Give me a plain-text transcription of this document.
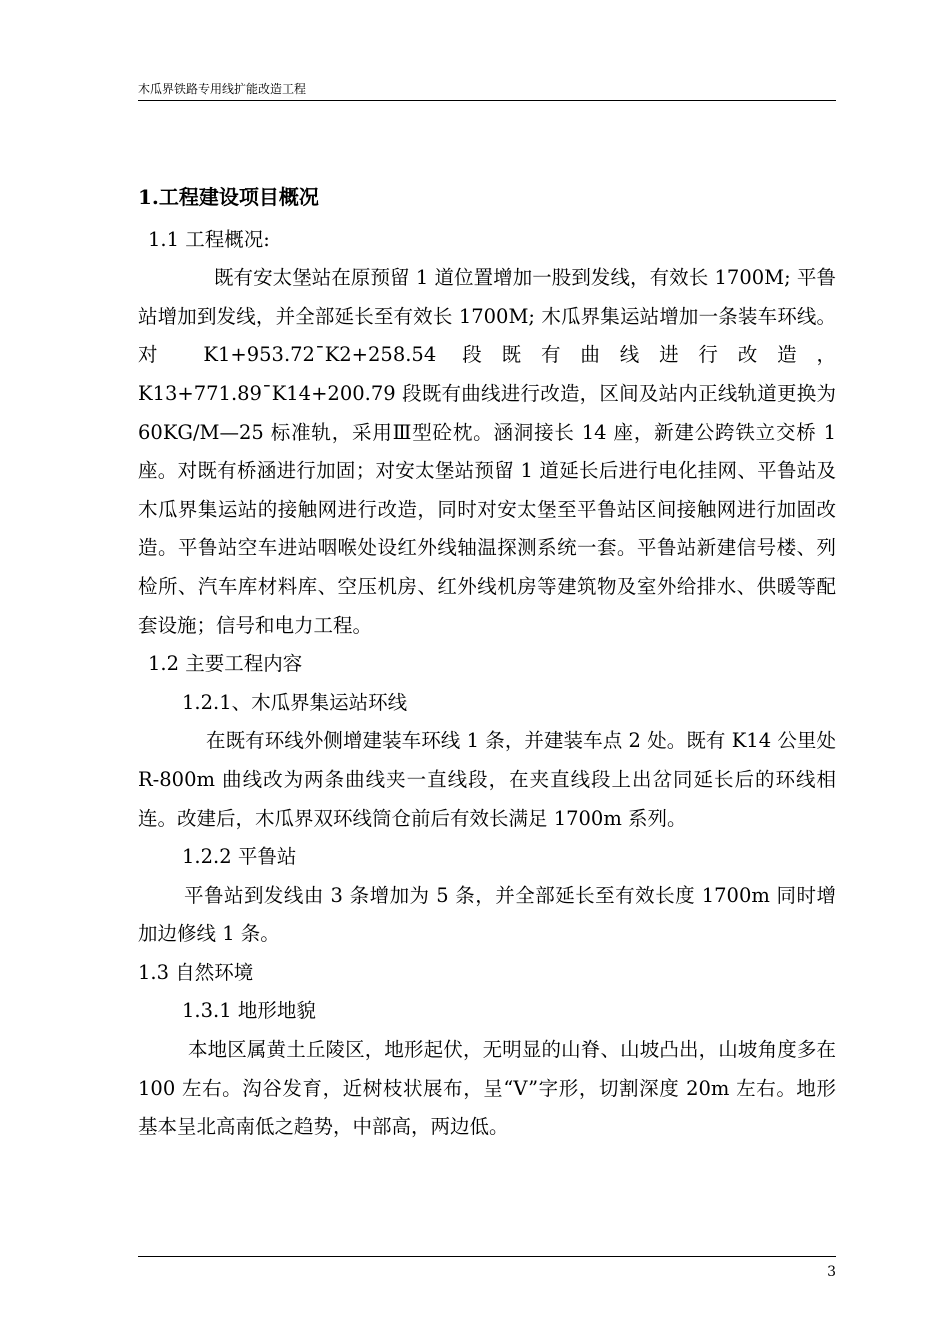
木瓜界铁路专用线扩能改造工程

1.工程建设项目概况

1.1 工程概况:

既有安太堡站在原预留 1 道位置增加一股到发线，有效长 1700M; 平鲁站增加到发线，并全部延长至有效长 1700M; 木瓜界集运站增加一条装车环线。对 K1+953.72¯K2+258.54 段既有曲线进行改造，K13+771.89¯K14+200.79 段既有曲线进行改造，区间及站内正线轨道更换为 60KG/M—25 标准轨，采用Ⅲ型砼枕。涵洞接长 14 座，新建公跨铁立交桥 1 座。对既有桥涵进行加固；对安太堡站预留 1 道延长后进行电化挂网、平鲁站及木瓜界集运站的接触网进行改造，同时对安太堡至平鲁站区间接触网进行加固改造。平鲁站空车进站咽喉处设红外线轴温探测系统一套。平鲁站新建信号楼、列检所、汽车库材料库、空压机房、红外线机房等建筑物及室外给排水、供暖等配套设施；信号和电力工程。

1.2 主要工程内容

1.2.1、木瓜界集运站环线

在既有环线外侧增建装车环线 1 条，并建装车点 2 处。既有 K14 公里处 R-800m 曲线改为两条曲线夹一直线段，在夹直线段上出岔同延长后的环线相连。改建后，木瓜界双环线筒仓前后有效长满足 1700m 系列。

1.2.2 平鲁站

平鲁站到发线由 3 条增加为 5 条，并全部延长至有效长度 1700m 同时增加边修线 1 条。

1.3 自然环境

1.3.1 地形地貌

本地区属黄土丘陵区，地形起伏，无明显的山脊、山坡凸出，山坡角度多在 100 左右。沟谷发育，近树枝状展布，呈“V”字形，切割深度 20m 左右。地形基本呈北高南低之趋势，中部高，两边低。

3
